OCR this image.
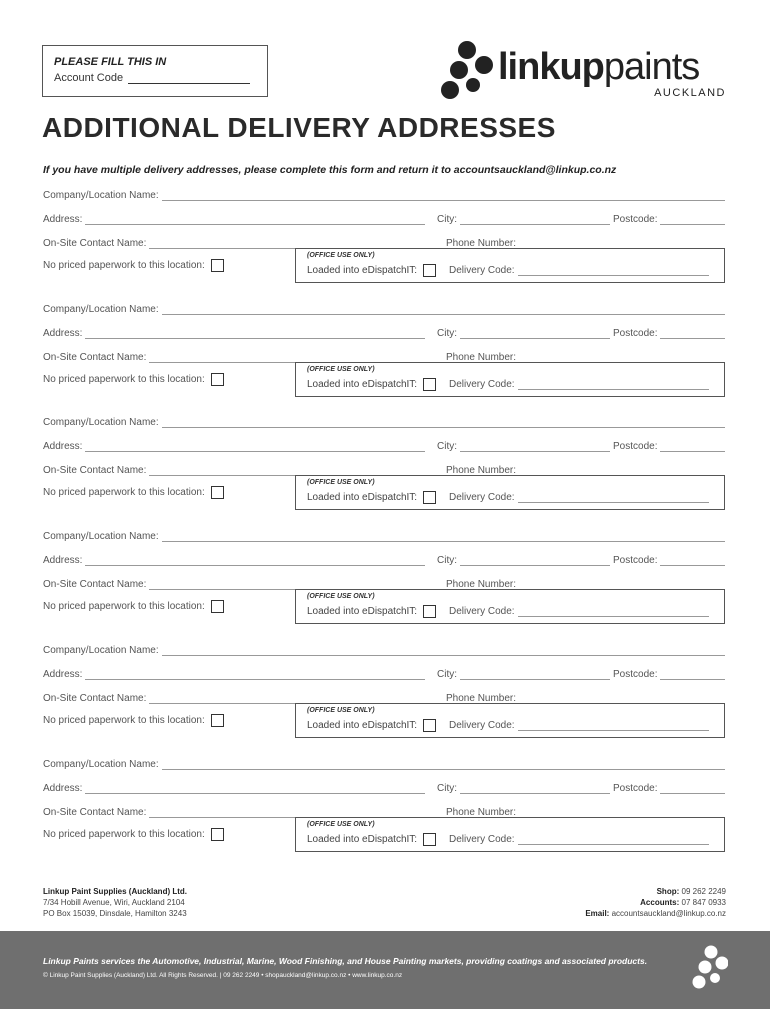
PLEASE FILL THIS IN
Account Code	linkuppaints
AUCKLAND
ADDITIONAL DELIVERY ADDRESSES
If you have multiple delivery addresses, please complete this form and return it to accountsauckland@linkup.co.nz
Company/Location Name:
Address:	City:	Postcode:
On-Site Contact Name:	Phone Number:
No priced paperwork to this location:
(OFFICE USE ONLY)
Loaded into eDispatchIT:	Delivery Code:
Company/Location Name:
Address:	City:	Postcode:
On-Site Contact Name:	Phone Number:
No priced paperwork to this location:
(OFFICE USE ONLY)
Loaded into eDispatchIT:	Delivery Code:
Company/Location Name:
Address:	City:	Postcode:
On-Site Contact Name:	Phone Number:
No priced paperwork to this location:
(OFFICE USE ONLY)
Loaded into eDispatchIT:	Delivery Code:
Company/Location Name:
Address:	City:	Postcode:
On-Site Contact Name:	Phone Number:
No priced paperwork to this location:
(OFFICE USE ONLY)
Loaded into eDispatchIT:	Delivery Code:
Company/Location Name:
Address:	City:	Postcode:
On-Site Contact Name:	Phone Number:
No priced paperwork to this location:
(OFFICE USE ONLY)
Loaded into eDispatchIT:	Delivery Code:
Company/Location Name:
Address:	City:	Postcode:
On-Site Contact Name:	Phone Number:
No priced paperwork to this location:
(OFFICE USE ONLY)
Loaded into eDispatchIT:	Delivery Code:
Linkup Paint Supplies (Auckland) Ltd.
7/34 Hobill Avenue, Wiri, Auckland 2104
PO Box 15039, Dinsdale, Hamilton 3243
Shop: 09 262 2249
Accounts: 07 847 0933
Email: accountsauckland@linkup.co.nz
Linkup Paints services the Automotive, Industrial, Marine, Wood Finishing, and House Painting markets, providing coatings and associated products.
© Linkup Paint Supplies (Auckland) Ltd. All Rights Reserved. | 09 262 2249 • shopauckland@linkup.co.nz • www.linkup.co.nz
